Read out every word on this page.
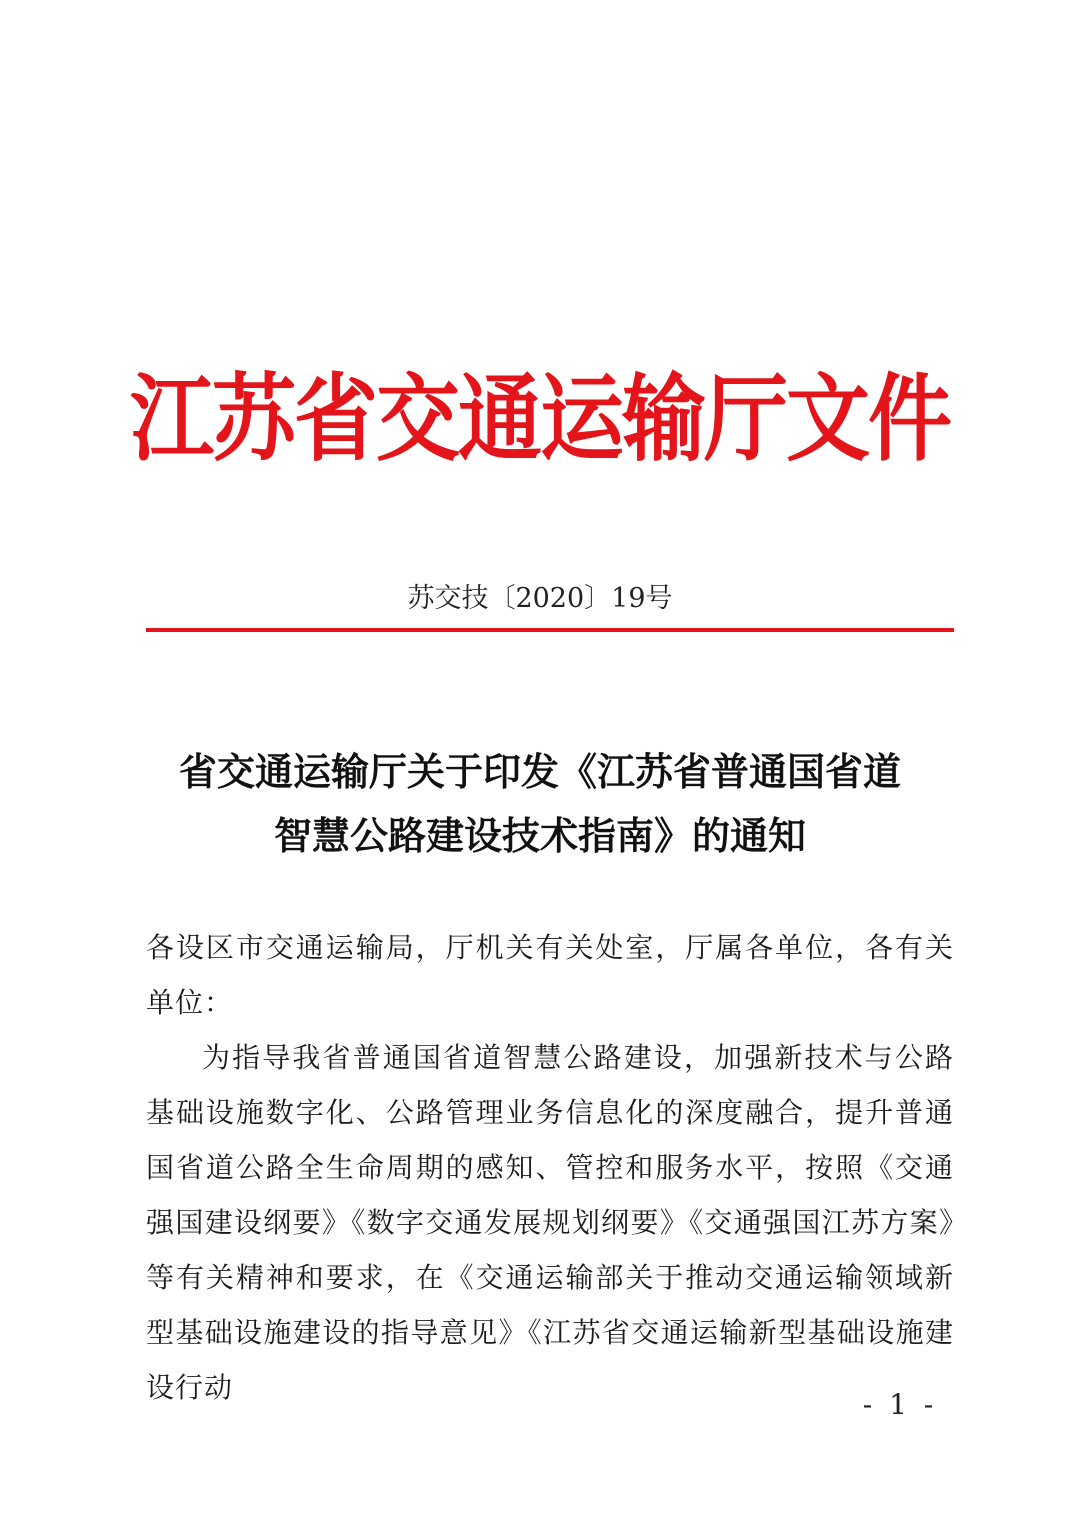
江苏省交通运输厅文件
苏交技〔2020〕19号
省交通运输厅关于印发《江苏省普通国省道
智慧公路建设技术指南》的通知

各设区市交通运输局，厅机关有关处室，厅属各单位，各有关单位：

为指导我省普通国省道智慧公路建设，加强新技术与公路基础设施数字化、公路管理业务信息化的深度融合，提升普通国省道公路全生命周期的感知、管控和服务水平，按照《交通强国建设纲要》《数字交通发展规划纲要》《交通强国江苏方案》等有关精神和要求，在《交通运输部关于推动交通运输领域新型基础设施建设的指导意见》《江苏省交通运输新型基础设施建设行动

- 1 -
